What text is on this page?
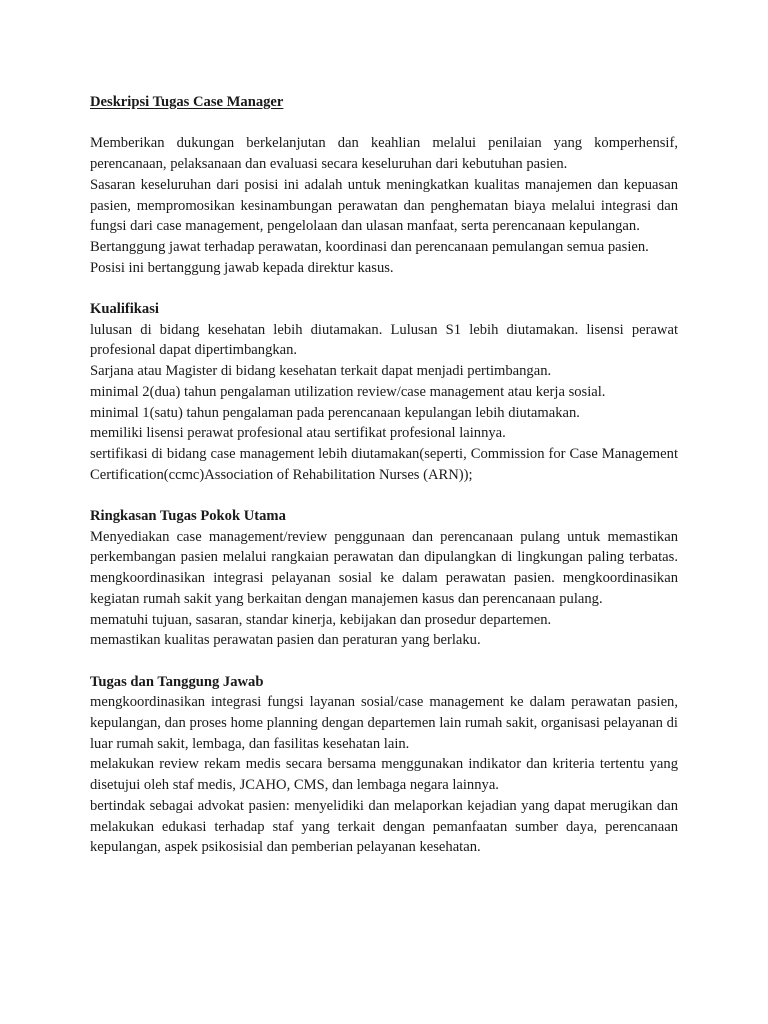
Deskripsi Tugas Case Manager

Memberikan dukungan berkelanjutan dan keahlian melalui penilaian yang komperhensif, perencanaan, pelaksanaan dan evaluasi secara keseluruhan dari kebutuhan pasien.

Sasaran keseluruhan dari posisi ini adalah untuk meningkatkan kualitas manajemen dan kepuasan pasien, mempromosikan kesinambungan perawatan dan penghematan biaya melalui integrasi dan fungsi dari case management, pengelolaan dan ulasan manfaat, serta perencanaan kepulangan.

Bertanggung jawat terhadap perawatan, koordinasi dan perencanaan pemulangan semua pasien.

Posisi ini bertanggung jawab kepada direktur kasus.

Kualifikasi

lulusan di bidang kesehatan lebih diutamakan. Lulusan S1 lebih diutamakan. lisensi perawat profesional dapat dipertimbangkan.

Sarjana atau Magister di bidang kesehatan terkait dapat menjadi pertimbangan.

minimal 2(dua) tahun pengalaman utilization review/case management atau kerja sosial.

minimal 1(satu) tahun pengalaman pada perencanaan kepulangan lebih diutamakan.

memiliki lisensi perawat profesional atau sertifikat profesional lainnya.

sertifikasi di bidang case management lebih diutamakan(seperti, Commission for Case Management Certification(ccmc)Association of Rehabilitation Nurses (ARN));

Ringkasan Tugas Pokok Utama

Menyediakan case management/review penggunaan dan perencanaan pulang untuk memastikan perkembangan pasien melalui rangkaian perawatan dan dipulangkan di lingkungan paling terbatas. mengkoordinasikan integrasi pelayanan sosial ke dalam perawatan pasien. mengkoordinasikan kegiatan rumah sakit yang berkaitan dengan manajemen kasus dan perencanaan pulang.

mematuhi tujuan, sasaran, standar kinerja, kebijakan dan prosedur departemen.

memastikan kualitas perawatan pasien dan peraturan yang berlaku.

Tugas dan Tanggung Jawab

mengkoordinasikan integrasi fungsi layanan sosial/case management ke dalam perawatan pasien, kepulangan, dan proses home planning dengan departemen lain rumah sakit, organisasi pelayanan di luar rumah sakit, lembaga, dan fasilitas kesehatan lain.

melakukan review rekam medis secara bersama menggunakan indikator dan kriteria tertentu yang disetujui oleh staf medis, JCAHO, CMS, dan lembaga negara lainnya.

bertindak sebagai advokat pasien: menyelidiki dan melaporkan kejadian yang dapat merugikan dan melakukan edukasi terhadap staf yang terkait dengan pemanfaatan sumber daya, perencanaan kepulangan, aspek psikosisial dan pemberian pelayanan kesehatan.
